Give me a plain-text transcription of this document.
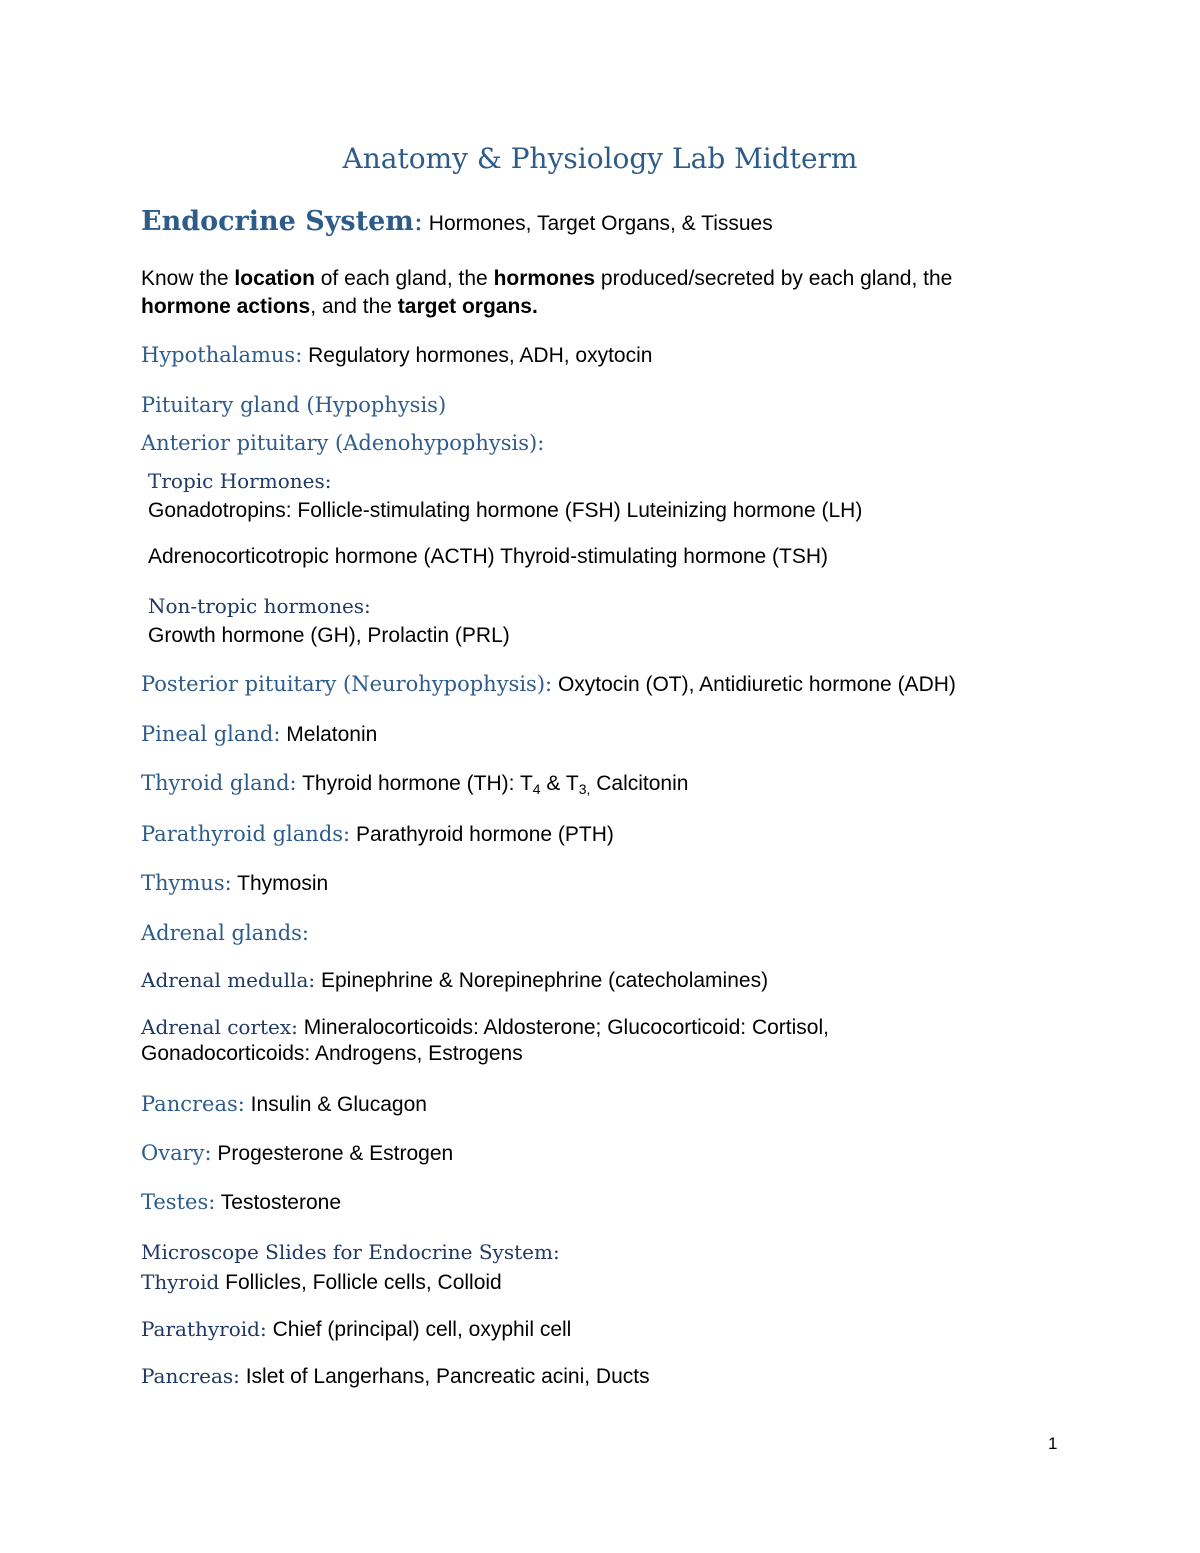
Anatomy & Physiology Lab Midterm

Endocrine System: Hormones, Target Organs, & Tissues

Know the location of each gland, the hormones produced/secreted by each gland, the

hormone actions, and the target organs.

Hypothalamus: Regulatory hormones, ADH, oxytocin

Pituitary gland (Hypophysis)

Anterior pituitary (Adenohypophysis):

Tropic Hormones:

Gonadotropins: Follicle-stimulating hormone (FSH) Luteinizing hormone (LH)

Adrenocorticotropic hormone (ACTH) Thyroid-stimulating hormone (TSH)

Non-tropic hormones:

Growth hormone (GH), Prolactin (PRL)

Posterior pituitary (Neurohypophysis): Oxytocin (OT), Antidiuretic hormone (ADH)

Pineal gland: Melatonin

Thyroid gland: Thyroid hormone (TH): $T_4$ & $T_{3,}$ Calcitonin

Parathyroid glands: Parathyroid hormone (PTH)

Thymus: Thymosin

Adrenal glands:

Adrenal medulla: Epinephrine & Norepinephrine (catecholamines)

Adrenal cortex: Mineralocorticoids: Aldosterone; Glucocorticoid: Cortisol,

Gonadocorticoids: Androgens, Estrogens

Pancreas: Insulin & Glucagon

Ovary: Progesterone & Estrogen

Testes: Testosterone

Microscope Slides for Endocrine System:

Thyroid Follicles, Follicle cells, Colloid

Parathyroid: Chief (principal) cell, oxyphil cell

Pancreas: Islet of Langerhans, Pancreatic acini, Ducts

1
